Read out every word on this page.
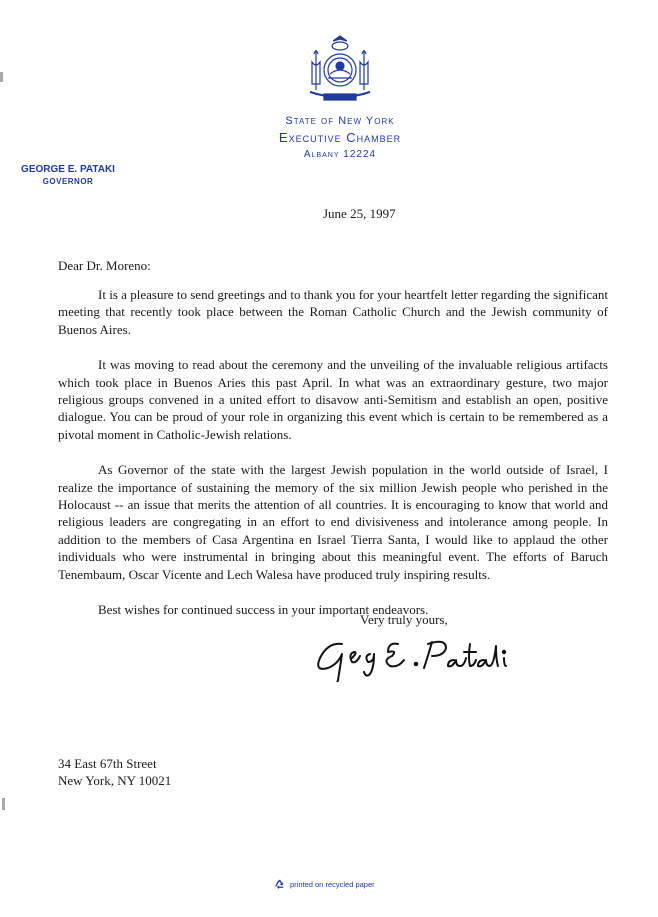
State of New York
Executive Chamber
Albany 12224
GEORGE E. PATAKI
GOVERNOR
June 25, 1997
Dear Dr. Moreno:

It is a pleasure to send greetings and to thank you for your heartfelt letter regarding the significant meeting that recently took place between the Roman Catholic Church and the Jewish community of Buenos Aires.

It was moving to read about the ceremony and the unveiling of the invaluable religious artifacts which took place in Buenos Aries this past April. In what was an extraordinary gesture, two major religious groups convened in a united effort to disavow anti-Semitism and establish an open, positive dialogue. You can be proud of your role in organizing this event which is certain to be remembered as a pivotal moment in Catholic-Jewish relations.

As Governor of the state with the largest Jewish population in the world outside of Israel, I realize the importance of sustaining the memory of the six million Jewish people who perished in the Holocaust -- an issue that merits the attention of all countries. It is encouraging to know that world and religious leaders are congregating in an effort to end divisiveness and intolerance among people. In addition to the members of Casa Argentina en Israel Tierra Santa, I would like to applaud the other individuals who were instrumental in bringing about this meaningful event. The efforts of Baruch Tenembaum, Oscar Vicente and Lech Walesa have produced truly inspiring results.

Best wishes for continued success in your important endeavors.

Very truly yours,
34 East 67th Street
New York, NY 10021
printed on recycled paper
